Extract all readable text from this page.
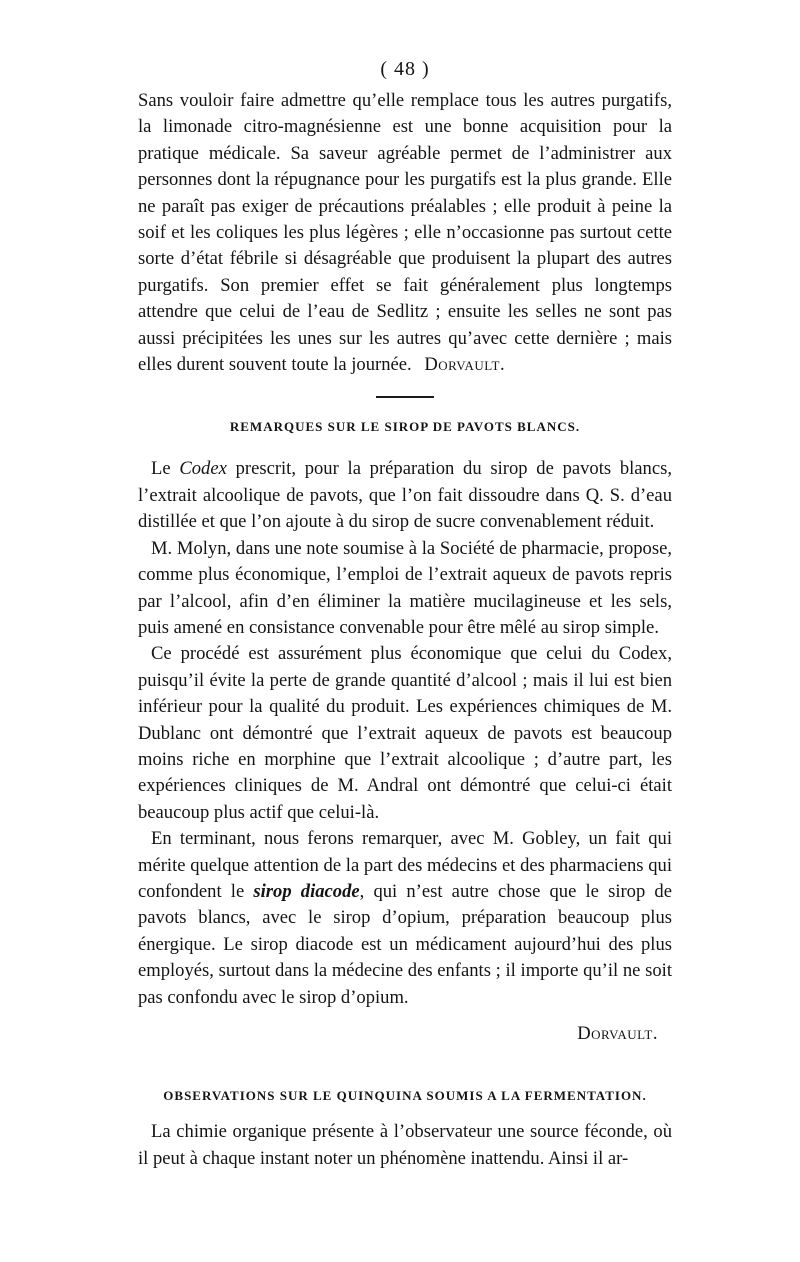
( 48 )

Sans vouloir faire admettre qu’elle remplace tous les autres purgatifs, la limonade citro-magnésienne est une bonne acquisition pour la pratique médicale. Sa saveur agréable permet de l’administrer aux personnes dont la répugnance pour les purgatifs est la plus grande. Elle ne paraît pas exiger de précautions préalables ; elle produit à peine la soif et les coliques les plus légères ; elle n’occasionne pas surtout cette sorte d’état fébrile si désagréable que produisent la plupart des autres purgatifs. Son premier effet se fait généralement plus longtemps attendre que celui de l’eau de Sedlitz ; ensuite les selles ne sont pas aussi précipitées les unes sur les autres qu’avec cette dernière ; mais elles durent souvent toute la journée. Dorvault.

REMARQUES SUR LE SIROP DE PAVOTS BLANCS.

Le Codex prescrit, pour la préparation du sirop de pavots blancs, l’extrait alcoolique de pavots, que l’on fait dissoudre dans Q. S. d’eau distillée et que l’on ajoute à du sirop de sucre convenablement réduit.

M. Molyn, dans une note soumise à la Société de pharmacie, propose, comme plus économique, l’emploi de l’extrait aqueux de pavots repris par l’alcool, afin d’en éliminer la matière mucilagineuse et les sels, puis amené en consistance convenable pour être mêlé au sirop simple.

Ce procédé est assurément plus économique que celui du Codex, puisqu’il évite la perte de grande quantité d’alcool ; mais il lui est bien inférieur pour la qualité du produit. Les expériences chimiques de M. Dublanc ont démontré que l’extrait aqueux de pavots est beaucoup moins riche en morphine que l’extrait alcoolique ; d’autre part, les expériences cliniques de M. Andral ont démontré que celui-ci était beaucoup plus actif que celui-là.

En terminant, nous ferons remarquer, avec M. Gobley, un fait qui mérite quelque attention de la part des médecins et des pharmaciens qui confondent le sirop diacode, qui n’est autre chose que le sirop de pavots blancs, avec le sirop d’opium, préparation beaucoup plus énergique. Le sirop diacode est un médicament aujourd’hui des plus employés, surtout dans la médecine des enfants ; il importe qu’il ne soit pas confondu avec le sirop d’opium.

Dorvault.
OBSERVATIONS SUR LE QUINQUINA SOUMIS A LA FERMENTATION.

La chimie organique présente à l’observateur une source féconde, où il peut à chaque instant noter un phénomène inattendu. Ainsi il ar-
